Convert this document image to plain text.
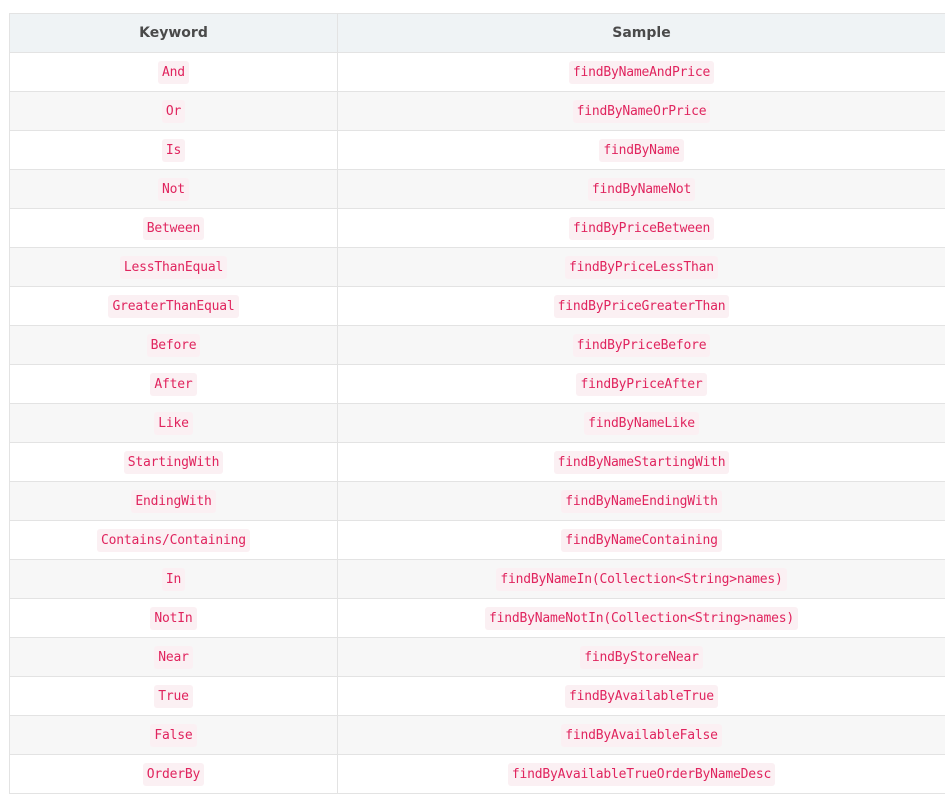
Keyword	Sample
And	findByNameAndPrice
Or	findByNameOrPrice
Is	findByName
Not	findByNameNot
Between	findByPriceBetween
LessThanEqual	findByPriceLessThan
GreaterThanEqual	findByPriceGreaterThan
Before	findByPriceBefore
After	findByPriceAfter
Like	findByNameLike
StartingWith	findByNameStartingWith
EndingWith	findByNameEndingWith
Contains/Containing	findByNameContaining
In	findByNameIn(Collection<String>names)
NotIn	findByNameNotIn(Collection<String>names)
Near	findByStoreNear
True	findByAvailableTrue
False	findByAvailableFalse
OrderBy	findByAvailableTrueOrderByNameDesc
